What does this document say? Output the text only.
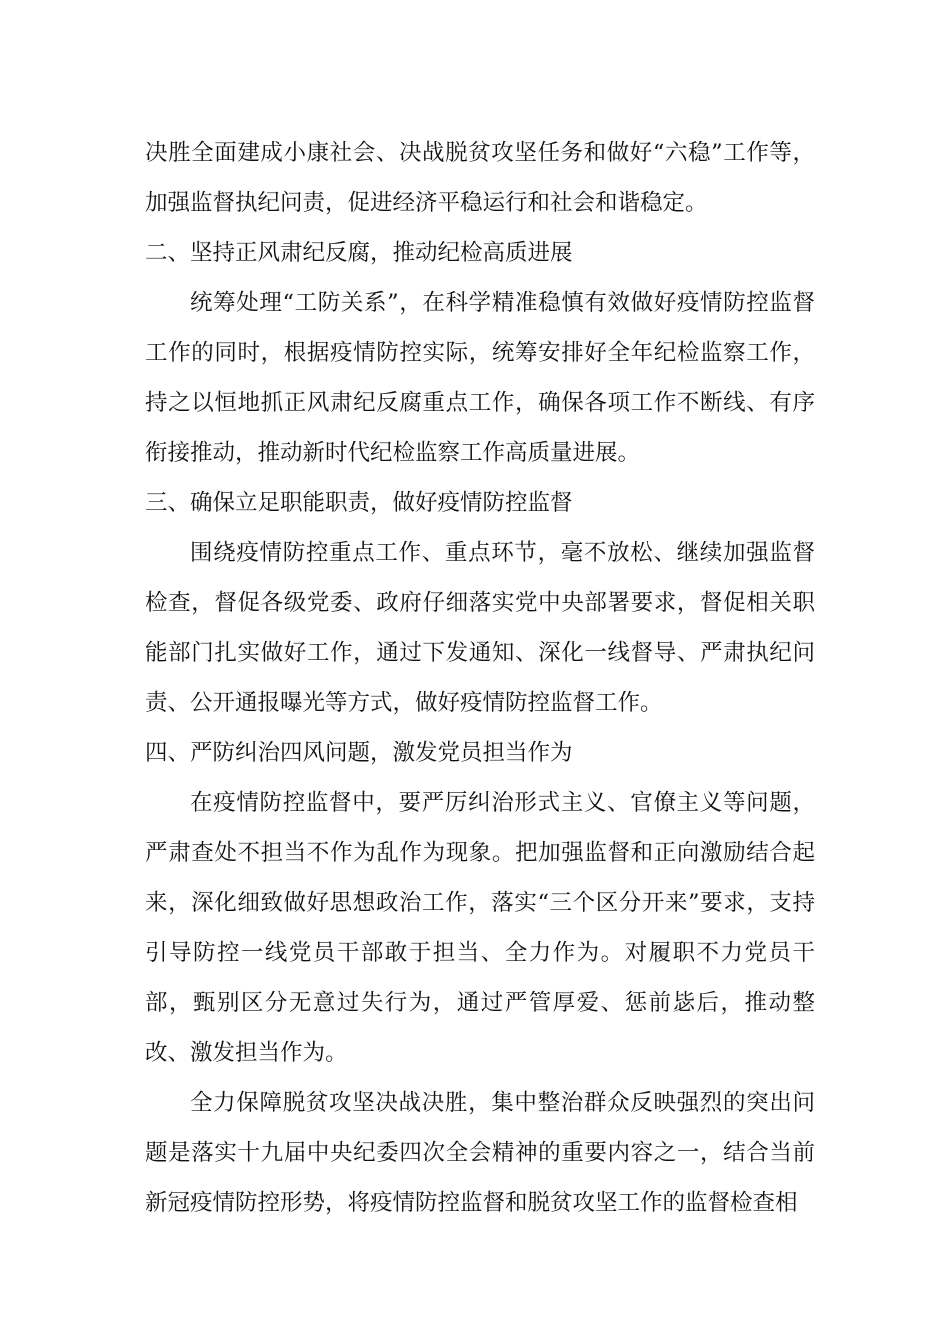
决胜全面建成小康社会、决战脱贫攻坚任务和做好“六稳”工作等，加强监督执纪问责，促进经济平稳运行和社会和谐稳定。

二、坚持正风肃纪反腐，推动纪检高质进展

统筹处理“工防关系”，在科学精准稳慎有效做好疫情防控监督工作的同时，根据疫情防控实际，统筹安排好全年纪检监察工作，持之以恒地抓正风肃纪反腐重点工作，确保各项工作不断线、有序衔接推动，推动新时代纪检监察工作高质量进展。

三、确保立足职能职责，做好疫情防控监督

围绕疫情防控重点工作、重点环节，毫不放松、继续加强监督检查，督促各级党委、政府仔细落实党中央部署要求，督促相关职能部门扎实做好工作，通过下发通知、深化一线督导、严肃执纪问责、公开通报曝光等方式，做好疫情防控监督工作。

四、严防纠治四风问题，激发党员担当作为

在疫情防控监督中，要严厉纠治形式主义、官僚主义等问题，严肃查处不担当不作为乱作为现象。把加强监督和正向激励结合起来，深化细致做好思想政治工作，落实“三个区分开来”要求，支持引导防控一线党员干部敢于担当、全力作为。对履职不力党员干部，甄别区分无意过失行为，通过严管厚爱、惩前毖后，推动整改、激发担当作为。

全力保障脱贫攻坚决战决胜，集中整治群众反映强烈的突出问题是落实十九届中央纪委四次全会精神的重要内容之一，结合当前新冠疫情防控形势，将疫情防控监督和脱贫攻坚工作的监督检查相
